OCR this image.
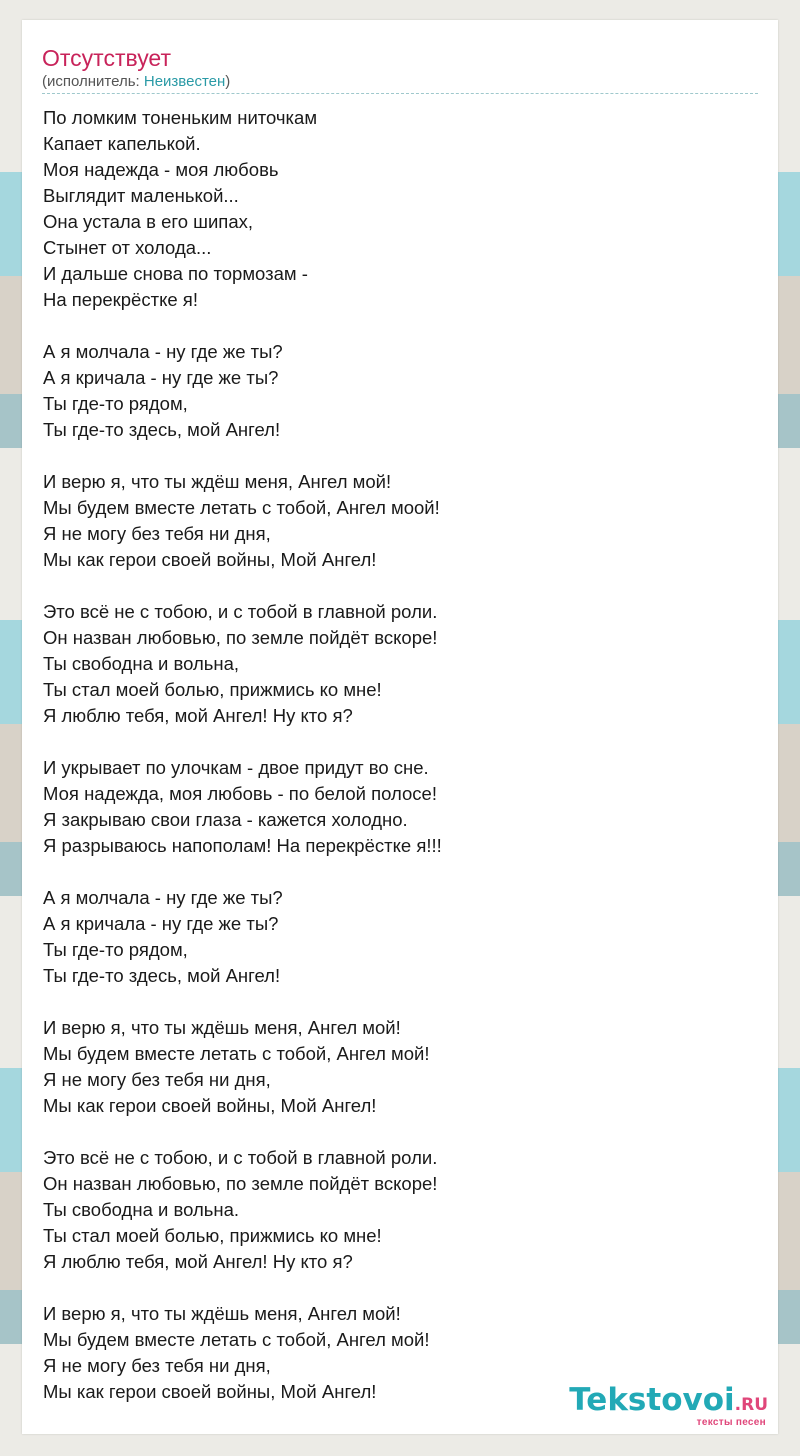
Отсутствует
(исполнитель: Неизвестен)
По ломким тоненьким ниточкам
Капает капелькой.
Моя надежда - моя любовь
Выглядит маленькой...
Она устала в его шипах,
Стынет от холода...
И дальше снова по тормозам -
На перекрёстке я!
А я молчала - ну где же ты?
А я кричала - ну где же ты?
Ты где-то рядом,
Ты где-то здесь, мой Ангел!
И верю я, что ты ждёш меня, Ангел мой!
Мы будем вместе летать с тобой, Ангел моой!
Я не могу без тебя ни дня,
Мы как герои своей войны, Мой Ангел!
Это всё не с тобою, и с тобой в главной роли.
Он назван любовью, по земле пойдёт вскоре!
Ты свободна и вольна,
Ты стал моей болью, прижмись ко мне!
Я люблю тебя, мой Ангел! Ну кто я?
И укрывает по улочкам - двое придут во сне.
Моя надежда, моя любовь - по белой полосе!
Я закрываю свои глаза - кажется холодно.
Я разрываюсь напополам! На перекрёстке я!!!
А я молчала - ну где же ты?
А я кричала - ну где же ты?
Ты где-то рядом,
Ты где-то здесь, мой Ангел!
И верю я, что ты ждёшь меня, Ангел мой!
Мы будем вместе летать с тобой, Ангел мой!
Я не могу без тебя ни дня,
Мы как герои своей войны, Мой Ангел!
Это всё не с тобою, и с тобой в главной роли.
Он назван любовью, по земле пойдёт вскоре!
Ты свободна и вольна.
Ты стал моей болью, прижмись ко мне!
Я люблю тебя, мой Ангел! Ну кто я?
И верю я, что ты ждёшь меня, Ангел мой!
Мы будем вместе летать с тобой, Ангел мой!
Я не могу без тебя ни дня,
Мы как герои своей войны, Мой Ангел!	Tekstovoi.RU
тексты песен
